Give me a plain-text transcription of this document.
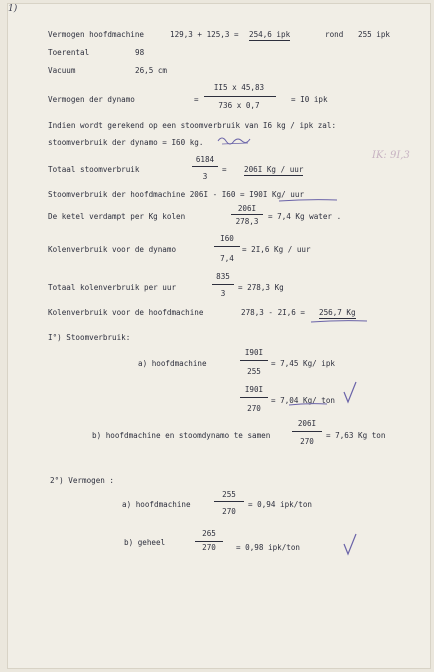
1)
Vermogen hoofdmachine	129,3 + 125,3 = 254,6 ipk	rond 255 ipk
Toerental	98
Vacuum	26,5 cm
Vermogen der dynamo	=
II5 x 45,83
736 x 0,7
= I0 ipk
Indien wordt gerekend op een stoomverbruik van I6 kg / ipk zal:
stoomverbruik der dynamo = I60 kg.
Totaal stoomverbruik
6184
3
= 206I Kg / uur
IK: 9I,3
Stoomverbruik der hoofdmachine 206I - I60 = I90I Kg/ uur
De ketel verdampt per Kg kolen
206I
278,3
= 7,4 Kg water .
Kolenverbruik voor de dynamo
I60
7,4
= 2I,6 Kg / uur
Totaal kolenverbruik per uur
835
3
= 278,3 Kg
Kolenverbruik voor de hoofdmachine	278,3 - 2I,6 = 256,7 Kg
I°) Stoomverbruik:
a) hoofdmachine
I90I
255
= 7,45 Kg/ ipk
I90I
270
= 7,04 Kg/ ton
b) hoofdmachine en stoomdynamo te samen
206I
270
= 7,63 Kg ton
2°) Vermogen :
a) hoofdmachine
255
270
= 0,94 ipk/ton
b) geheel
265
270	= 0,98 ipk/ton
